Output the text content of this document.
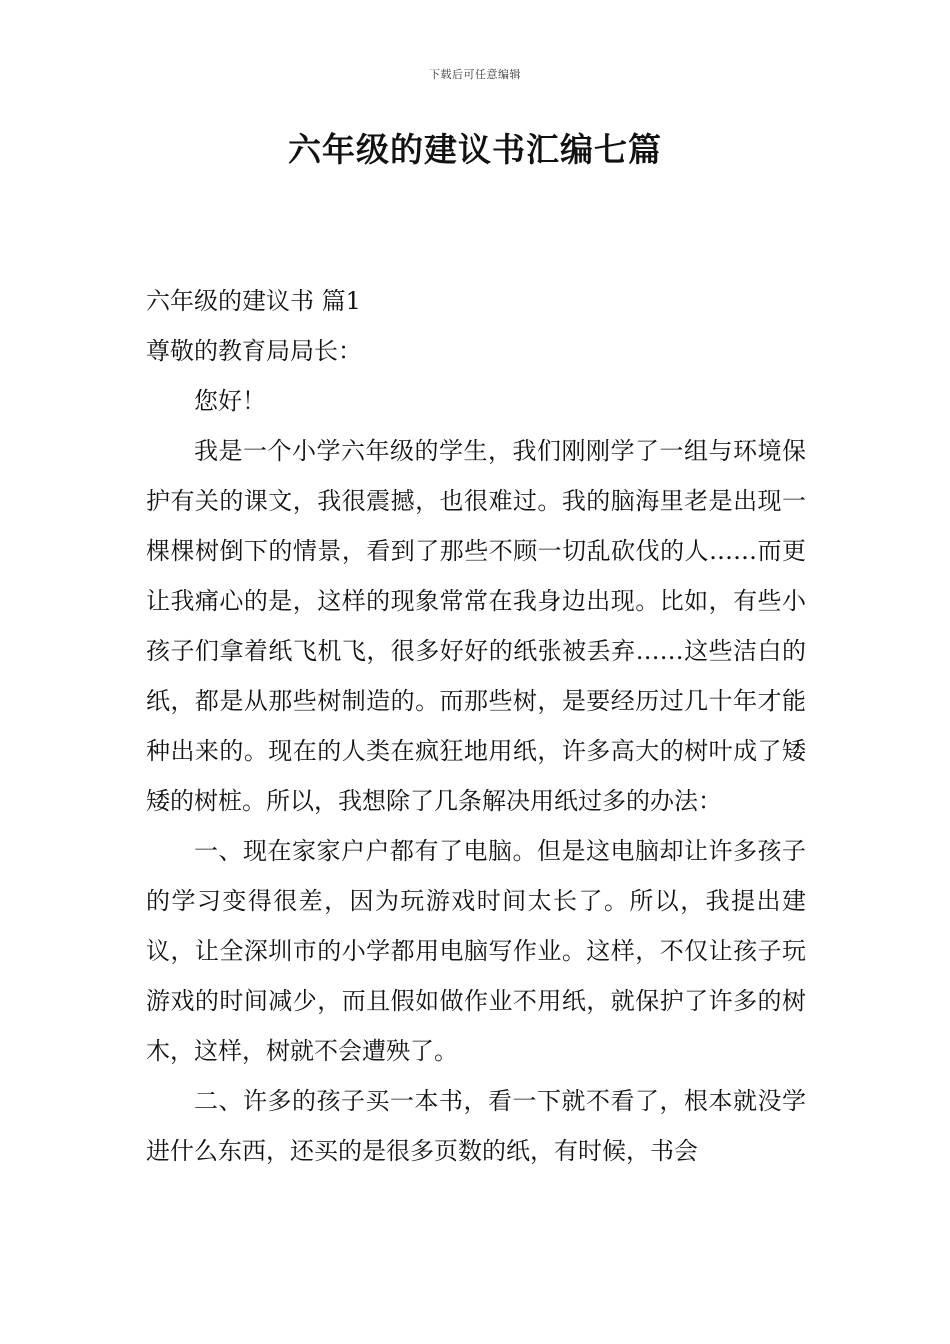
下载后可任意编辑
六年级的建议书汇编七篇

六年级的建议书 篇1

尊敬的教育局局长：

您好！

我是一个小学六年级的学生，我们刚刚学了一组与环境保护有关的课文，我很震撼，也很难过。我的脑海里老是出现一棵棵树倒下的情景，看到了那些不顾一切乱砍伐的人……而更让我痛心的是，这样的现象常常在我身边出现。比如，有些小孩子们拿着纸飞机飞，很多好好的纸张被丢弃……这些洁白的纸，都是从那些树制造的。而那些树，是要经历过几十年才能种出来的。现在的人类在疯狂地用纸，许多高大的树叶成了矮矮的树桩。所以，我想除了几条解决用纸过多的办法：

一、现在家家户户都有了电脑。但是这电脑却让许多孩子的学习变得很差，因为玩游戏时间太长了。所以，我提出建议，让全深圳市的小学都用电脑写作业。这样，不仅让孩子玩游戏的时间减少，而且假如做作业不用纸，就保护了许多的树木，这样，树就不会遭殃了。

二、许多的孩子买一本书，看一下就不看了，根本就没学进什么东西，还买的是很多页数的纸，有时候，书会
